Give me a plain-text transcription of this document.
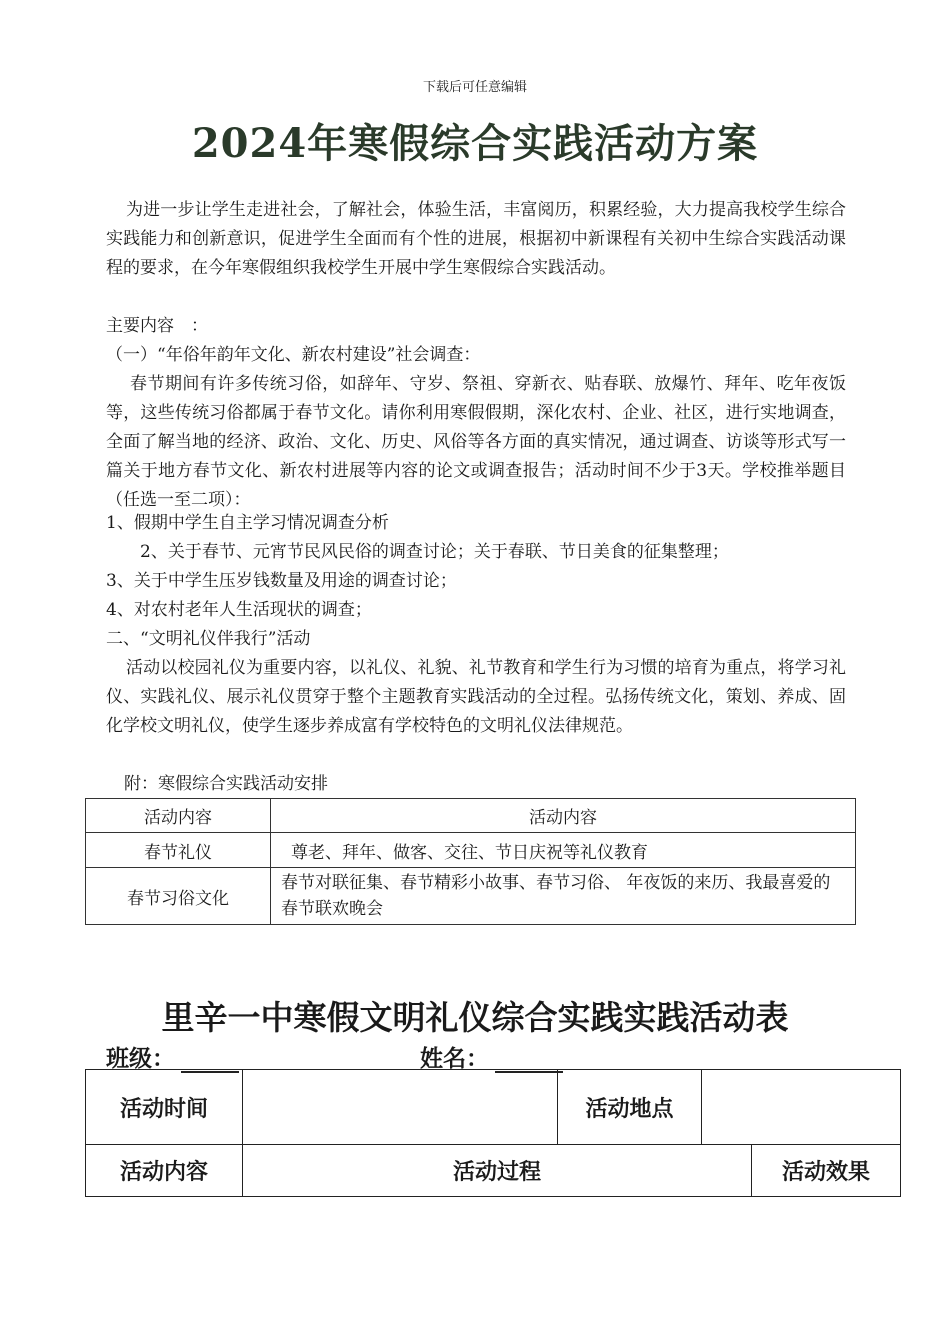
下载后可任意编辑
2024年寒假综合实践活动方案

为进一步让学生走进社会，了解社会，体验生活，丰富阅历，积累经验，大力提高我校学生综合实践能力和创新意识，促进学生全面而有个性的进展，根据初中新课程有关初中生综合实践活动课程的要求，在今年寒假组织我校学生开展中学生寒假综合实践活动。

主要内容　：
（一）“年俗年韵年文化、新农村建设”社会调查：

春节期间有许多传统习俗，如辞年、守岁、祭祖、穿新衣、贴春联、放爆竹、拜年、吃年夜饭等，这些传统习俗都属于春节文化。请你利用寒假假期，深化农村、企业、社区，进行实地调查，全面了解当地的经济、政治、文化、历史、风俗等各方面的真实情况，通过调查、访谈等形式写一篇关于地方春节文化、新农村进展等内容的论文或调查报告；活动时间不少于3天。学校推举题目（任选一至二项）：

1、假期中学生自主学习情况调查分析
2、关于春节、元宵节民风民俗的调查讨论；关于春联、节日美食的征集整理；
3、关于中学生压岁钱数量及用途的调查讨论；
4、对农村老年人生活现状的调查；
二、“文明礼仪伴我行”活动

活动以校园礼仪为重要内容，以礼仪、礼貌、礼节教育和学生行为习惯的培育为重点，将学习礼仪、实践礼仪、展示礼仪贯穿于整个主题教育实践活动的全过程。弘扬传统文化，策划、养成、固化学校文明礼仪，使学生逐步养成富有学校特色的文明礼仪法律规范。

附：寒假综合实践活动安排
活动内容	活动内容
春节礼仪	尊老、拜年、做客、交往、节日庆祝等礼仪教育
春节习俗文化	春节对联征集、春节精彩小故事、春节习俗、 年夜饭的来历、我最喜爱的春节联欢晚会
里辛一中寒假文明礼仪综合实践实践活动表
班级：	姓名：
活动时间		活动地点	
活动内容	活动过程	活动效果
